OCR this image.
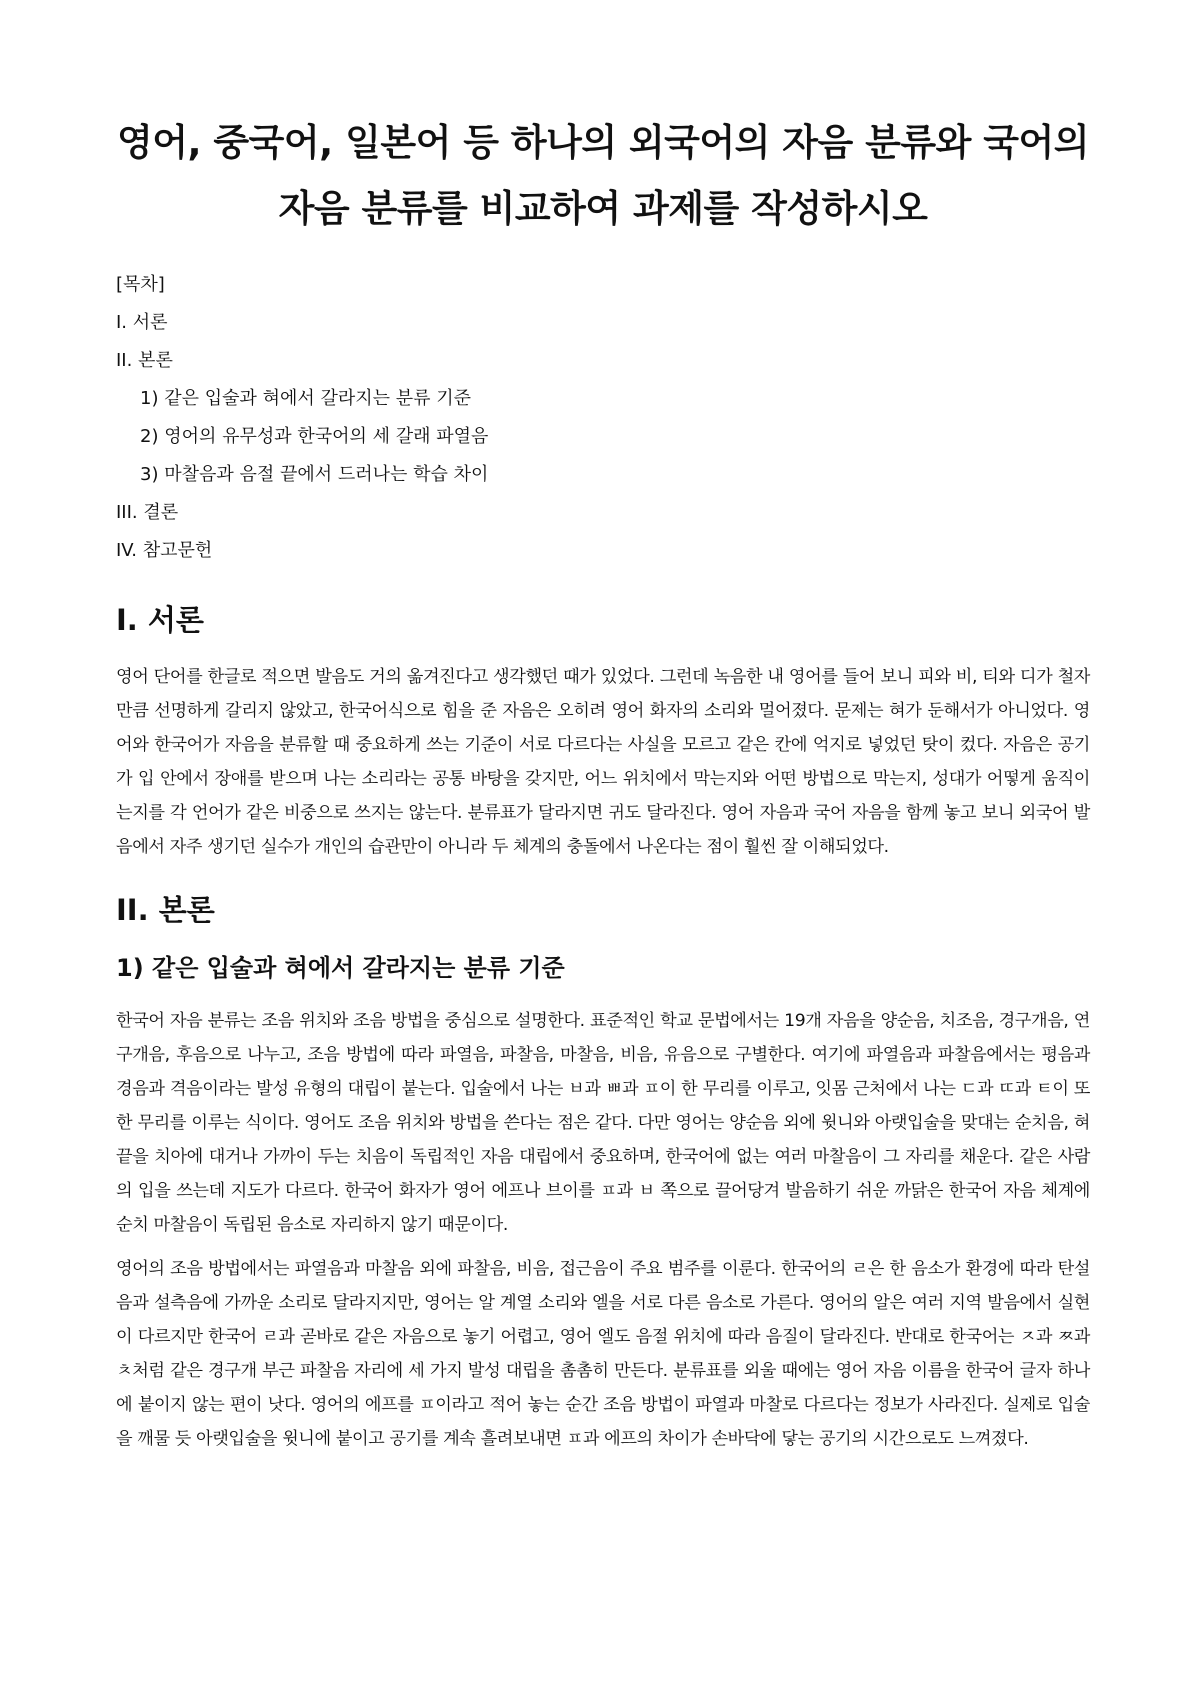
영어, 중국어, 일본어 등 하나의 외국어의 자음 분류와 국어의
자음 분류를 비교하여 과제를 작성하시오

[목차]

I. 서론

II. 본론

1) 같은 입술과 혀에서 갈라지는 분류 기준

2) 영어의 유무성과 한국어의 세 갈래 파열음

3) 마찰음과 음절 끝에서 드러나는 학습 차이

III. 결론

IV. 참고문헌

I. 서론

영어 단어를 한글로 적으면 발음도 거의 옮겨진다고 생각했던 때가 있었다. 그런데 녹음한 내 영어를 들어 보니 피와 비, 티와 디가 철자만큼 선명하게 갈리지 않았고, 한국어식으로 힘을 준 자음은 오히려 영어 화자의 소리와 멀어졌다. 문제는 혀가 둔해서가 아니었다. 영어와 한국어가 자음을 분류할 때 중요하게 쓰는 기준이 서로 다르다는 사실을 모르고 같은 칸에 억지로 넣었던 탓이 컸다. 자음은 공기가 입 안에서 장애를 받으며 나는 소리라는 공통 바탕을 갖지만, 어느 위치에서 막는지와 어떤 방법으로 막는지, 성대가 어떻게 움직이는지를 각 언어가 같은 비중으로 쓰지는 않는다. 분류표가 달라지면 귀도 달라진다. 영어 자음과 국어 자음을 함께 놓고 보니 외국어 발음에서 자주 생기던 실수가 개인의 습관만이 아니라 두 체계의 충돌에서 나온다는 점이 훨씬 잘 이해되었다.

II. 본론
1) 같은 입술과 혀에서 갈라지는 분류 기준

한국어 자음 분류는 조음 위치와 조음 방법을 중심으로 설명한다. 표준적인 학교 문법에서는 19개 자음을 양순음, 치조음, 경구개음, 연구개음, 후음으로 나누고, 조음 방법에 따라 파열음, 파찰음, 마찰음, 비음, 유음으로 구별한다. 여기에 파열음과 파찰음에서는 평음과 경음과 격음이라는 발성 유형의 대립이 붙는다. 입술에서 나는 ㅂ과 ㅃ과 ㅍ이 한 무리를 이루고, 잇몸 근처에서 나는 ㄷ과 ㄸ과 ㅌ이 또 한 무리를 이루는 식이다. 영어도 조음 위치와 방법을 쓴다는 점은 같다. 다만 영어는 양순음 외에 윗니와 아랫입술을 맞대는 순치음, 혀끝을 치아에 대거나 가까이 두는 치음이 독립적인 자음 대립에서 중요하며, 한국어에 없는 여러 마찰음이 그 자리를 채운다. 같은 사람의 입을 쓰는데 지도가 다르다. 한국어 화자가 영어 에프나 브이를 ㅍ과 ㅂ 쪽으로 끌어당겨 발음하기 쉬운 까닭은 한국어 자음 체계에 순치 마찰음이 독립된 음소로 자리하지 않기 때문이다.

영어의 조음 방법에서는 파열음과 마찰음 외에 파찰음, 비음, 접근음이 주요 범주를 이룬다. 한국어의 ㄹ은 한 음소가 환경에 따라 탄설음과 설측음에 가까운 소리로 달라지지만, 영어는 알 계열 소리와 엘을 서로 다른 음소로 가른다. 영어의 알은 여러 지역 발음에서 실현이 다르지만 한국어 ㄹ과 곧바로 같은 자음으로 놓기 어렵고, 영어 엘도 음절 위치에 따라 음질이 달라진다. 반대로 한국어는 ㅈ과 ㅉ과 ㅊ처럼 같은 경구개 부근 파찰음 자리에 세 가지 발성 대립을 촘촘히 만든다. 분류표를 외울 때에는 영어 자음 이름을 한국어 글자 하나에 붙이지 않는 편이 낫다. 영어의 에프를 ㅍ이라고 적어 놓는 순간 조음 방법이 파열과 마찰로 다르다는 정보가 사라진다. 실제로 입술을 깨물 듯 아랫입술을 윗니에 붙이고 공기를 계속 흘려보내면 ㅍ과 에프의 차이가 손바닥에 닿는 공기의 시간으로도 느껴졌다.
